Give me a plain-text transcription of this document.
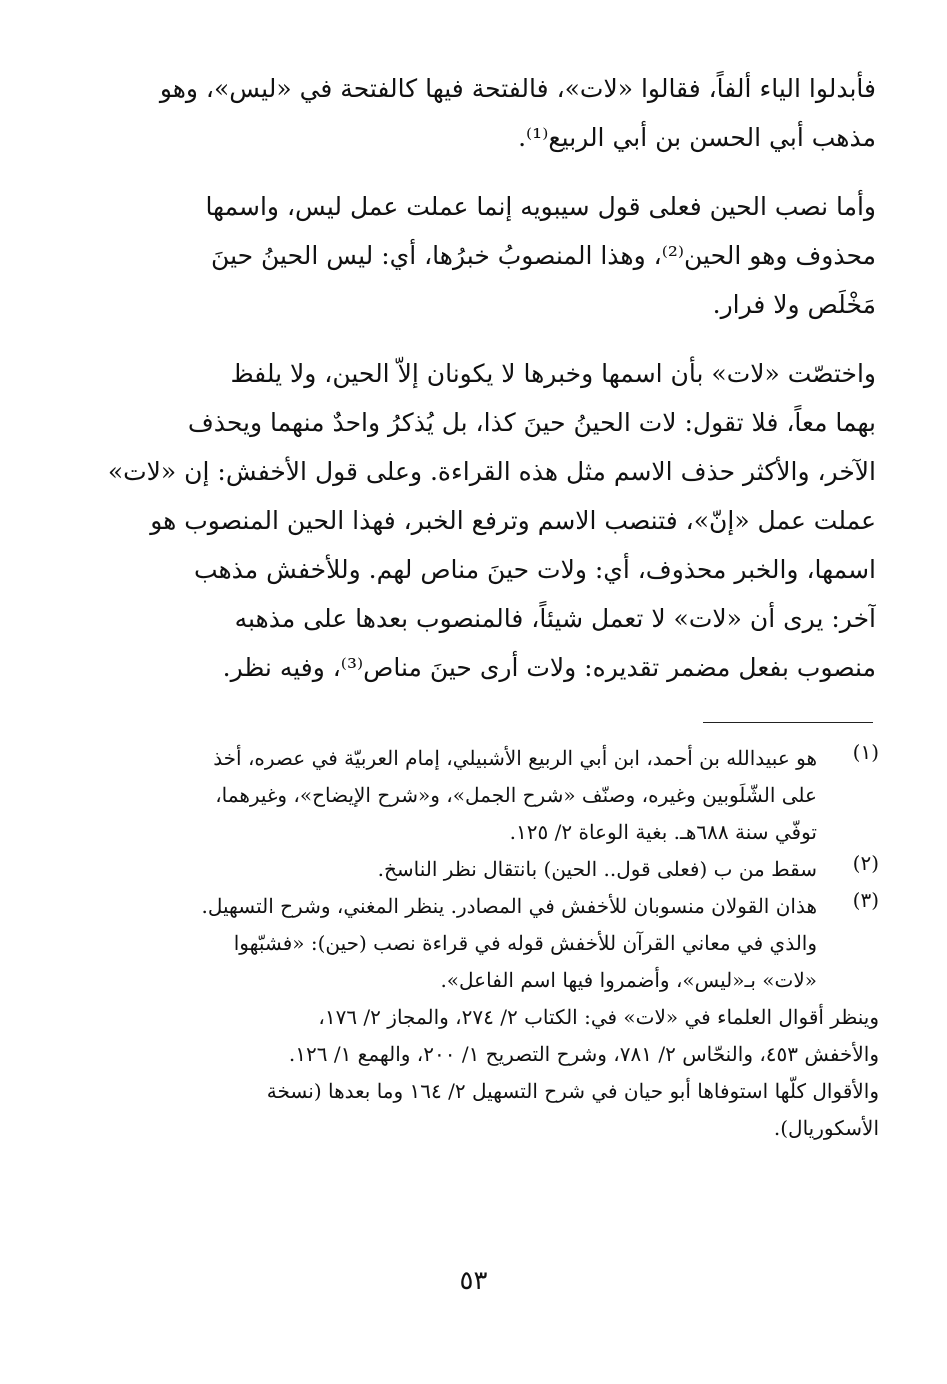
فأبدلوا الياء ألفاً، فقالوا «لات»، فالفتحة فيها كالفتحة في «ليس»، وهو
مذهب أبي الحسن بن أبي الربيع⁽¹⁾.
وأما نصب الحين فعلى قول سيبويه إنما عملت عمل ليس، واسمها
محذوف وهو الحين⁽²⁾، وهذا المنصوبُ خبرُها، أي: ليس الحينُ حينَ
مَخْلَص ولا فرار.
واختصّت «لات» بأن اسمها وخبرها لا يكونان إلاّ الحين، ولا يلفظ
بهما معاً، فلا تقول: لات الحينُ حينَ كذا، بل يُذكرُ واحدٌ منهما ويحذف
الآخر، والأكثر حذف الاسم مثل هذه القراءة. وعلى قول الأخفش: إن «لات»
عملت عمل «إنّ»، فتنصب الاسم وترفع الخبر، فهذا الحين المنصوب هو
اسمها، والخبر محذوف، أي: ولات حينَ مناص لهم. وللأخفش مذهب
آخر: يرى أن «لات» لا تعمل شيئاً، فالمنصوب بعدها على مذهبه
منصوب بفعل مضمر تقديره: ولات أرى حينَ مناص⁽³⁾، وفيه نظر.
(١)
هو عبيدالله بن أحمد، ابن أبي الربيع الأشبيلي، إمام العربيّة في عصره، أخذ
على الشّلَوبين وغيره، وصنّف «شرح الجمل»، و«شرح الإيضاح»، وغيرهما،
توفّي سنة ٦٨٨هـ. بغية الوعاة ٢/ ١٢٥.
(٢)
سقط من ب (فعلى قول.. الحين) بانتقال نظر الناسخ.
(٣)
هذان القولان منسوبان للأخفش في المصادر. ينظر المغني، وشرح التسهيل.
والذي في معاني القرآن للأخفش قوله في قراءة نصب (حين): «فشبّهوا
«لات» بـ«ليس»، وأضمروا فيها اسم الفاعل».
وينظر أقوال العلماء في «لات» في: الكتاب ٢/ ٢٧٤، والمجاز ٢/ ١٧٦،
والأخفش ٤٥٣، والنحّاس ٢/ ٧٨١، وشرح التصريح ١/ ٢٠٠، والهمع ١/ ١٢٦.
والأقوال كلّها استوفاها أبو حيان في شرح التسهيل ٢/ ١٦٤ وما بعدها (نسخة
الأسكوريال).
٥٣
